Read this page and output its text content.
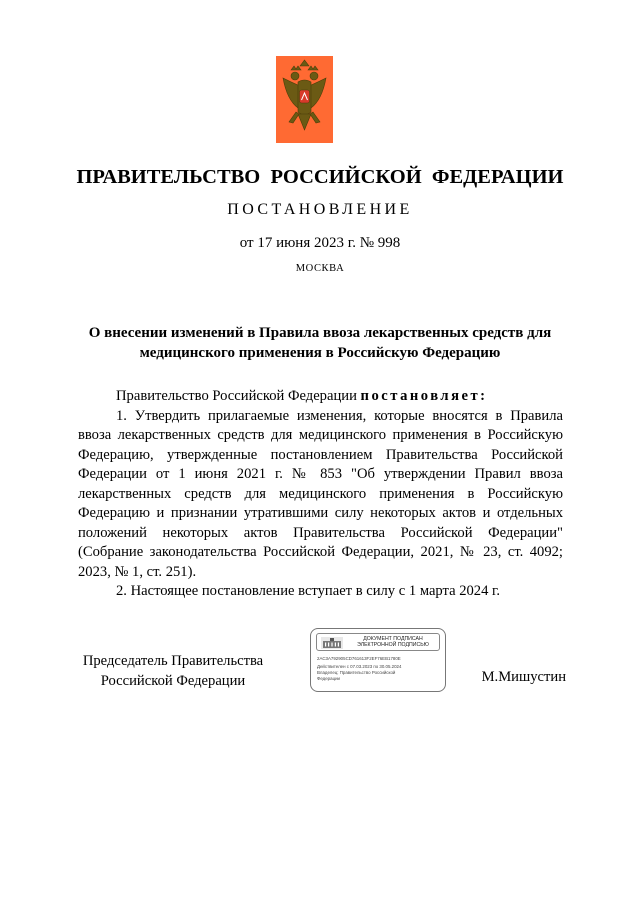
ПРАВИТЕЛЬСТВО  РОССИЙСКОЙ  ФЕДЕРАЦИИ
ПОСТАНОВЛЕНИЕ
от 17 июня 2023 г. № 998
МОСКВА
О внесении изменений в Правила ввоза лекарственных средств для медицинского применения в Российскую Федерацию

Правительство Российской Федерации постановляет:

1. Утвердить прилагаемые изменения, которые вносятся в Правила ввоза лекарственных средств для медицинского применения в Российскую Федерацию, утвержденные постановлением Правительства Российской Федерации от 1 июня 2021 г. № 853 "Об утверждении Правил ввоза лекарственных средств для медицинского применения в Российскую Федерацию и признании утратившими силу некоторых актов и отдельных положений некоторых актов Правительства Российской Федерации" (Собрание законодательства Российской Федерации, 2021, № 23, ст. 4092; 2023, № 1, ст. 251).

2. Настоящее постановление вступает в силу с 1 марта 2024 г.

Председатель Правительства
Российской Федерации
ДОКУМЕНТ ПОДПИСАН
ЭЛЕКТРОННОЙ ПОДПИСЬЮ
2AC3A792905CD761613F2EF76EB1780E
Действителен с 07.03.2023 по 30.05.2024
Владелец: Правительство Российской
Федерации	М.Мишустин
